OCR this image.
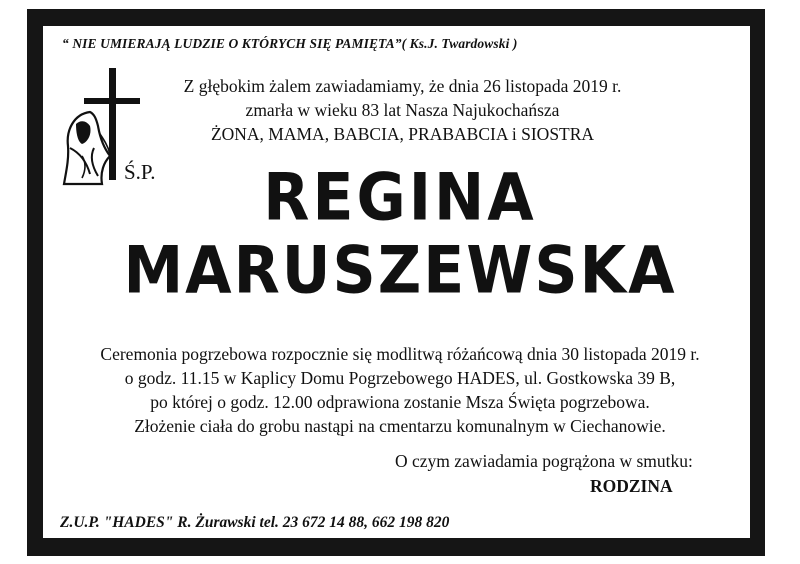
“ NIE UMIERAJĄ LUDZIE O KTÓRYCH SIĘ PAMIĘTA”( Ks.J. Twardowski )
Z głębokim żalem zawiadamiamy, że dnia 26 listopada 2019 r.
zmarła w wieku 83 lat Nasza Najukochańsza
ŻONA, MAMA, BABCIA, PRABABCIA i SIOSTRA
Ś.P.	REGINA
MARUSZEWSKA
Ceremonia pogrzebowa rozpocznie się modlitwą różańcową dnia 30 listopada 2019 r.
o godz. 11.15 w Kaplicy Domu Pogrzebowego HADES, ul. Gostkowska 39 B,
po której o godz. 12.00 odprawiona zostanie Msza Święta pogrzebowa.
Złożenie ciała do grobu nastąpi na cmentarzu komunalnym w Ciechanowie.
O czym zawiadamia pogrążona w smutku:
RODZINA
Z.U.P. "HADES" R. Żurawski tel. 23 672 14 88, 662 198 820
